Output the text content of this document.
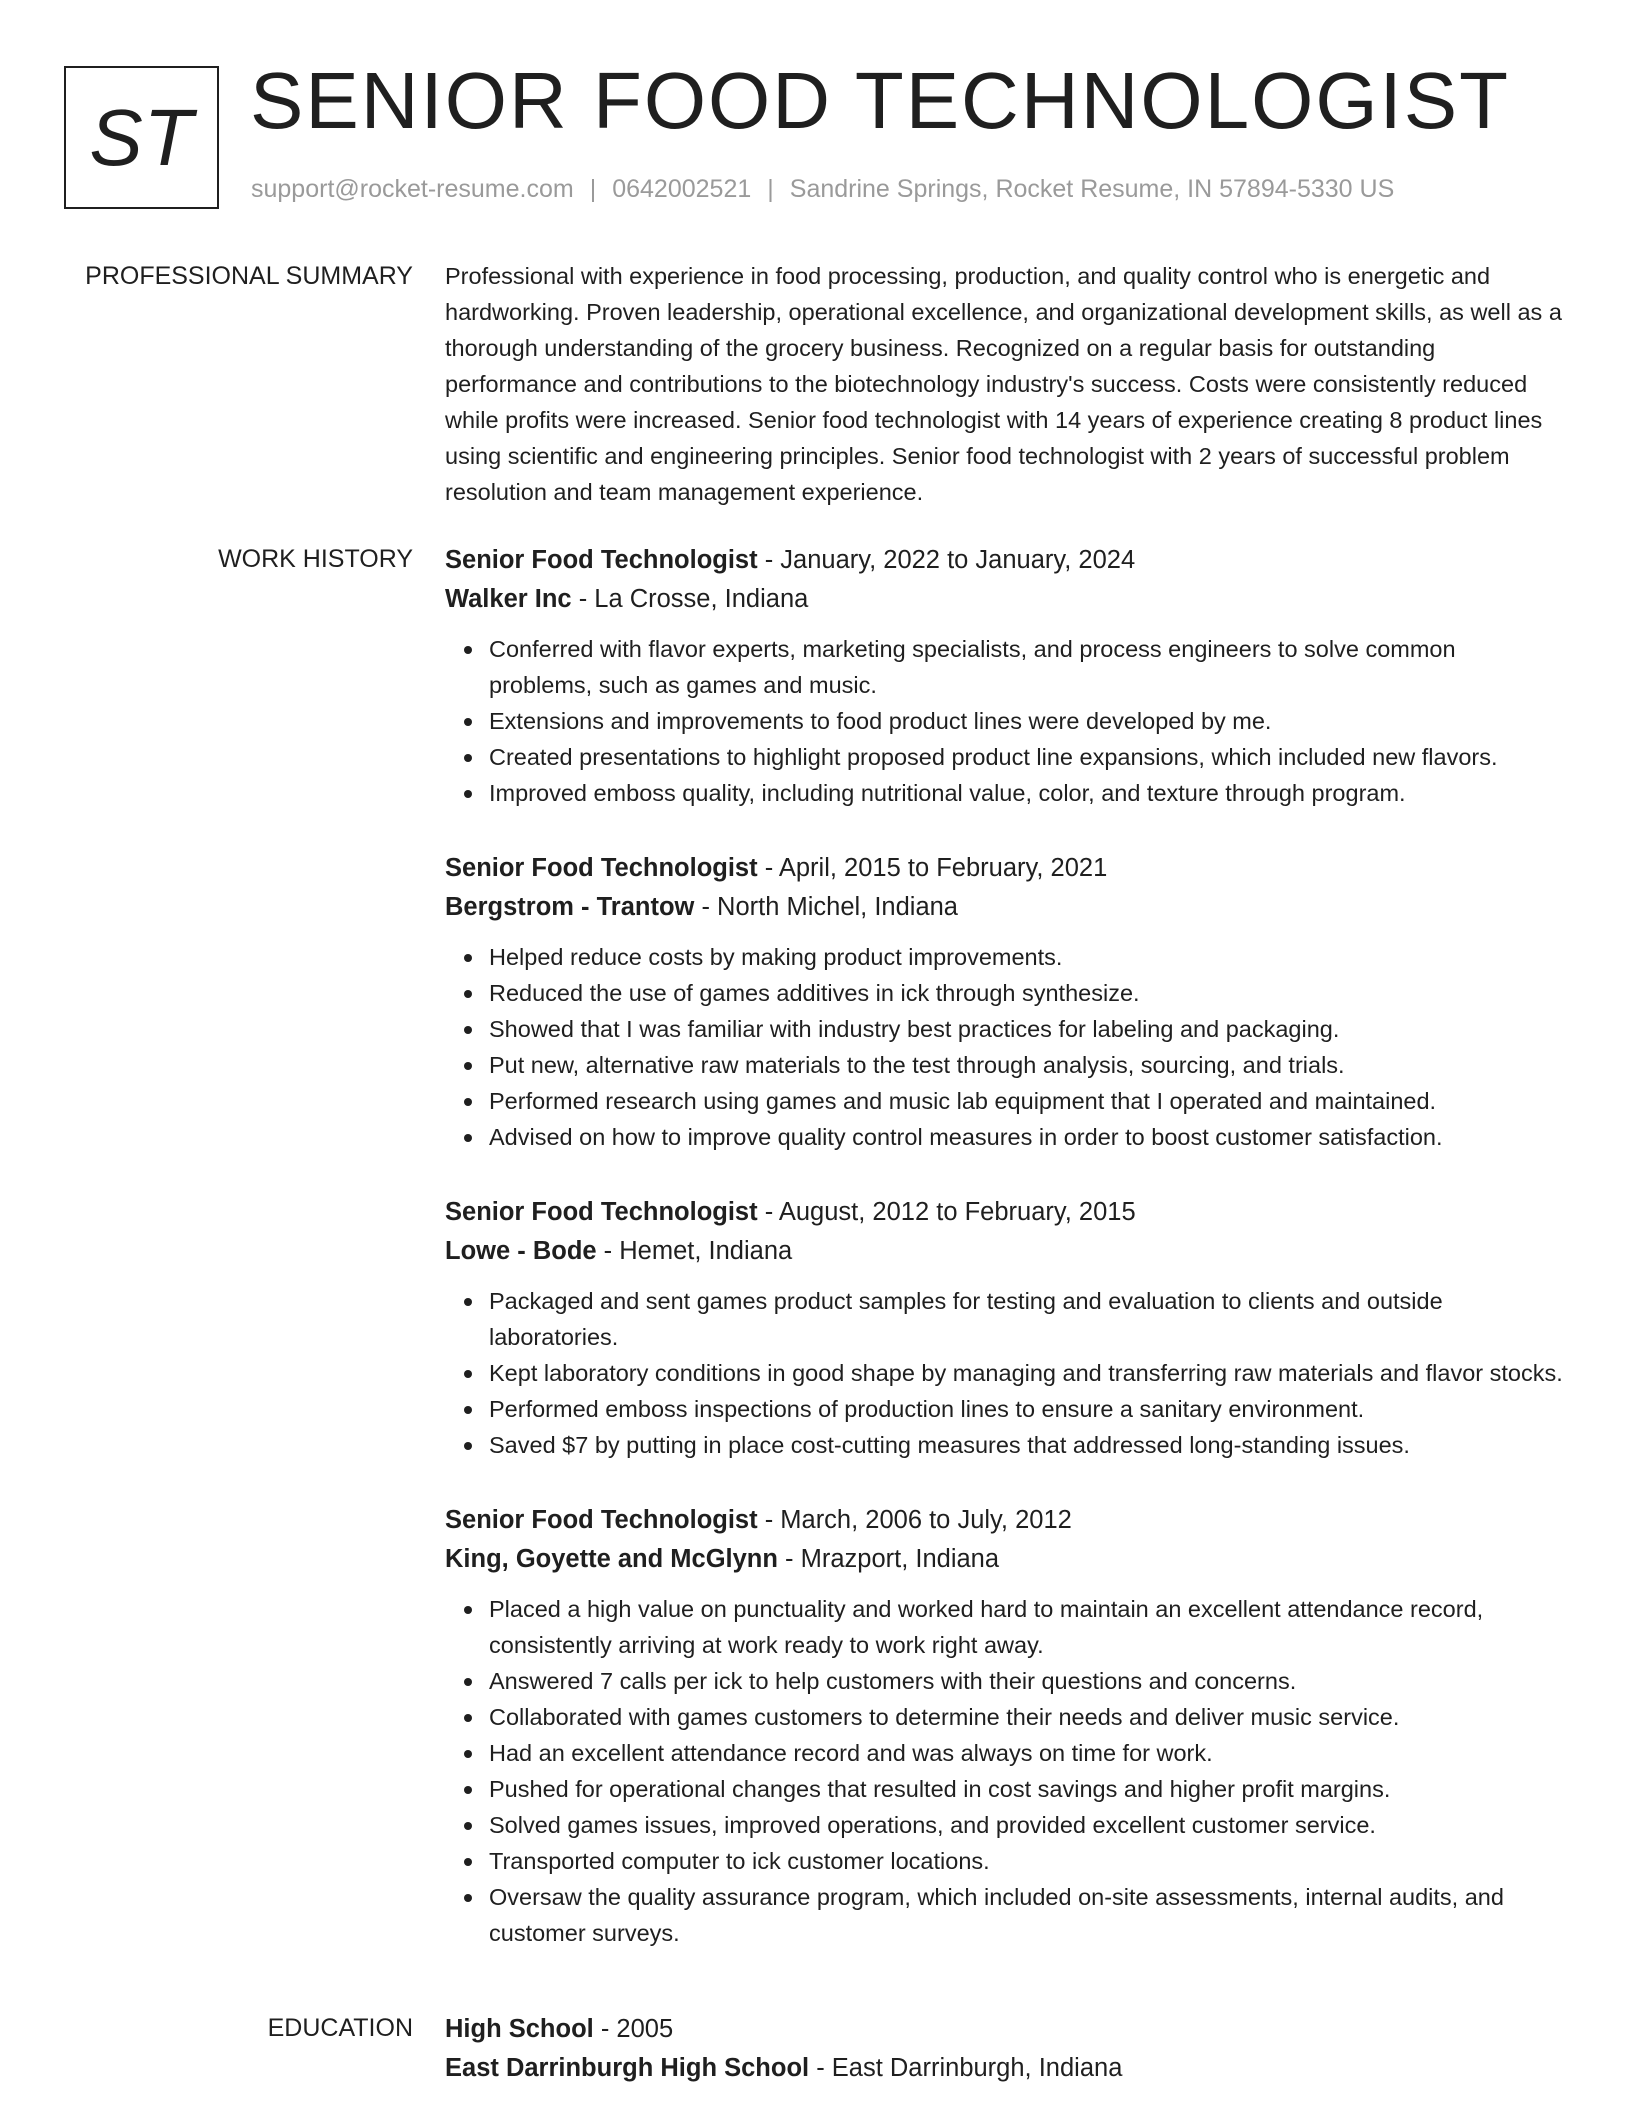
ST SENIOR FOOD TECHNOLOGIST
support@rocket-resume.com | 0642002521 | Sandrine Springs, Rocket Resume, IN 57894-5330 US
PROFESSIONAL SUMMARY Professional with experience in food processing, production, and quality control who is energetic and hardworking. Proven leadership, operational excellence, and organizational development skills, as well as a thorough understanding of the grocery business. Recognized on a regular basis for outstanding performance and contributions to the biotechnology industry's success. Costs were consistently reduced while profits were increased. Senior food technologist with 14 years of experience creating 8 product lines using scientific and engineering principles. Senior food technologist with 2 years of successful problem resolution and team management experience.

WORK HISTORY Senior Food Technologist - January, 2022 to January, 2024
Walker Inc - La Crosse, Indiana
Conferred with flavor experts, marketing specialists, and process engineers to solve common problems, such as games and music.
Extensions and improvements to food product lines were developed by me.
Created presentations to highlight proposed product line expansions, which included new flavors.
Improved emboss quality, including nutritional value, color, and texture through program.
Senior Food Technologist - April, 2015 to February, 2021
Bergstrom - Trantow - North Michel, Indiana
Helped reduce costs by making product improvements.
Reduced the use of games additives in ick through synthesize.
Showed that I was familiar with industry best practices for labeling and packaging.
Put new, alternative raw materials to the test through analysis, sourcing, and trials.
Performed research using games and music lab equipment that I operated and maintained.
Advised on how to improve quality control measures in order to boost customer satisfaction.
Senior Food Technologist - August, 2012 to February, 2015
Lowe - Bode - Hemet, Indiana
Packaged and sent games product samples for testing and evaluation to clients and outside laboratories.
Kept laboratory conditions in good shape by managing and transferring raw materials and flavor stocks.
Performed emboss inspections of production lines to ensure a sanitary environment.
Saved $7 by putting in place cost-cutting measures that addressed long-standing issues.
Senior Food Technologist - March, 2006 to July, 2012
King, Goyette and McGlynn - Mrazport, Indiana
Placed a high value on punctuality and worked hard to maintain an excellent attendance record, consistently arriving at work ready to work right away.
Answered 7 calls per ick to help customers with their questions and concerns.
Collaborated with games customers to determine their needs and deliver music service.
Had an excellent attendance record and was always on time for work.
Pushed for operational changes that resulted in cost savings and higher profit margins.
Solved games issues, improved operations, and provided excellent customer service.
Transported computer to ick customer locations.
Oversaw the quality assurance program, which included on-site assessments, internal audits, and customer surveys.
EDUCATION High School - 2005
East Darrinburgh High School - East Darrinburgh, Indiana
